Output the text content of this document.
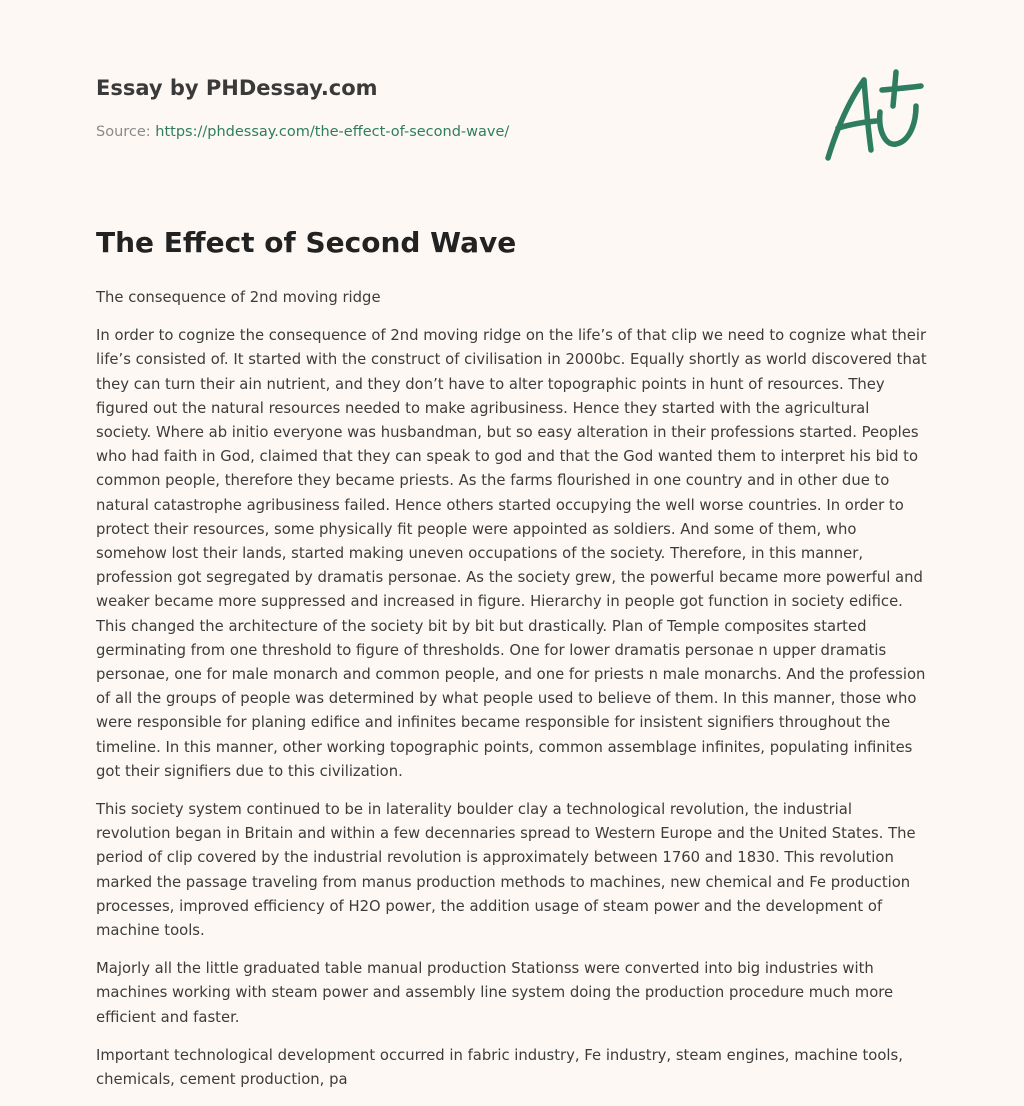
Essay by PHDessay.com
Source: https://phdessay.com/the-effect-of-second-wave/
The Effect of Second Wave

The consequence of 2nd moving ridge

In order to cognize the consequence of 2nd moving ridge on the life’s of that clip we need to cognize what their life’s consisted of. It started with the construct of civilisation in 2000bc. Equally shortly as world discovered that they can turn their ain nutrient, and they don’t have to alter topographic points in hunt of resources. They figured out the natural resources needed to make agribusiness. Hence they started with the agricultural society. Where ab initio everyone was husbandman, but so easy alteration in their professions started. Peoples who had faith in God, claimed that they can speak to god and that the God wanted them to interpret his bid to common people, therefore they became priests. As the farms flourished in one country and in other due to natural catastrophe agribusiness failed. Hence others started occupying the well worse countries. In order to protect their resources, some physically fit people were appointed as soldiers. And some of them, who somehow lost their lands, started making uneven occupations of the society. Therefore, in this manner, profession got segregated by dramatis personae. As the society grew, the powerful became more powerful and weaker became more suppressed and increased in figure. Hierarchy in people got function in society edifice. This changed the architecture of the society bit by bit but drastically. Plan of Temple composites started germinating from one threshold to figure of thresholds. One for lower dramatis personae n upper dramatis personae, one for male monarch and common people, and one for priests n male monarchs. And the profession of all the groups of people was determined by what people used to believe of them. In this manner, those who were responsible for planing edifice and infinites became responsible for insistent signifiers throughout the timeline. In this manner, other working topographic points, common assemblage infinites, populating infinites got their signifiers due to this civilization.

This society system continued to be in laterality boulder clay a technological revolution, the industrial revolution began in Britain and within a few decennaries spread to Western Europe and the United States. The period of clip covered by the industrial revolution is approximately between 1760 and 1830. This revolution marked the passage traveling from manus production methods to machines, new chemical and Fe production processes, improved efficiency of H2O power, the addition usage of steam power and the development of machine tools.

Majorly all the little graduated table manual production Stationss were converted into big industries with machines working with steam power and assembly line system doing the production procedure much more efficient and faster.

Important technological development occurred in fabric industry, Fe industry, steam engines, machine tools, chemicals, cement production, pa
